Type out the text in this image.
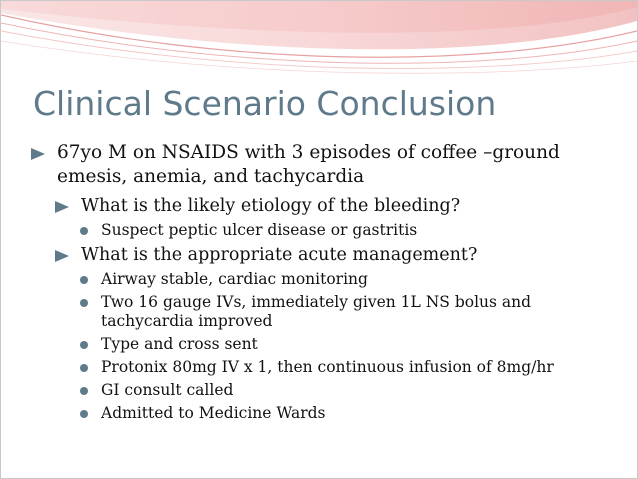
Clinical Scenario Conclusion

67yo M on NSAIDS with 3 episodes of coffee –ground emesis, anemia, and tachycardia

What is the likely etiology of the bleeding?

Suspect peptic ulcer disease or gastritis

What is the appropriate acute management?

Airway stable, cardiac monitoring

Two 16 gauge IVs, immediately given 1L NS bolus and tachycardia improved

Type and cross sent

Protonix 80mg IV x 1, then continuous infusion of 8mg/hr

GI consult called

Admitted to Medicine Wards
